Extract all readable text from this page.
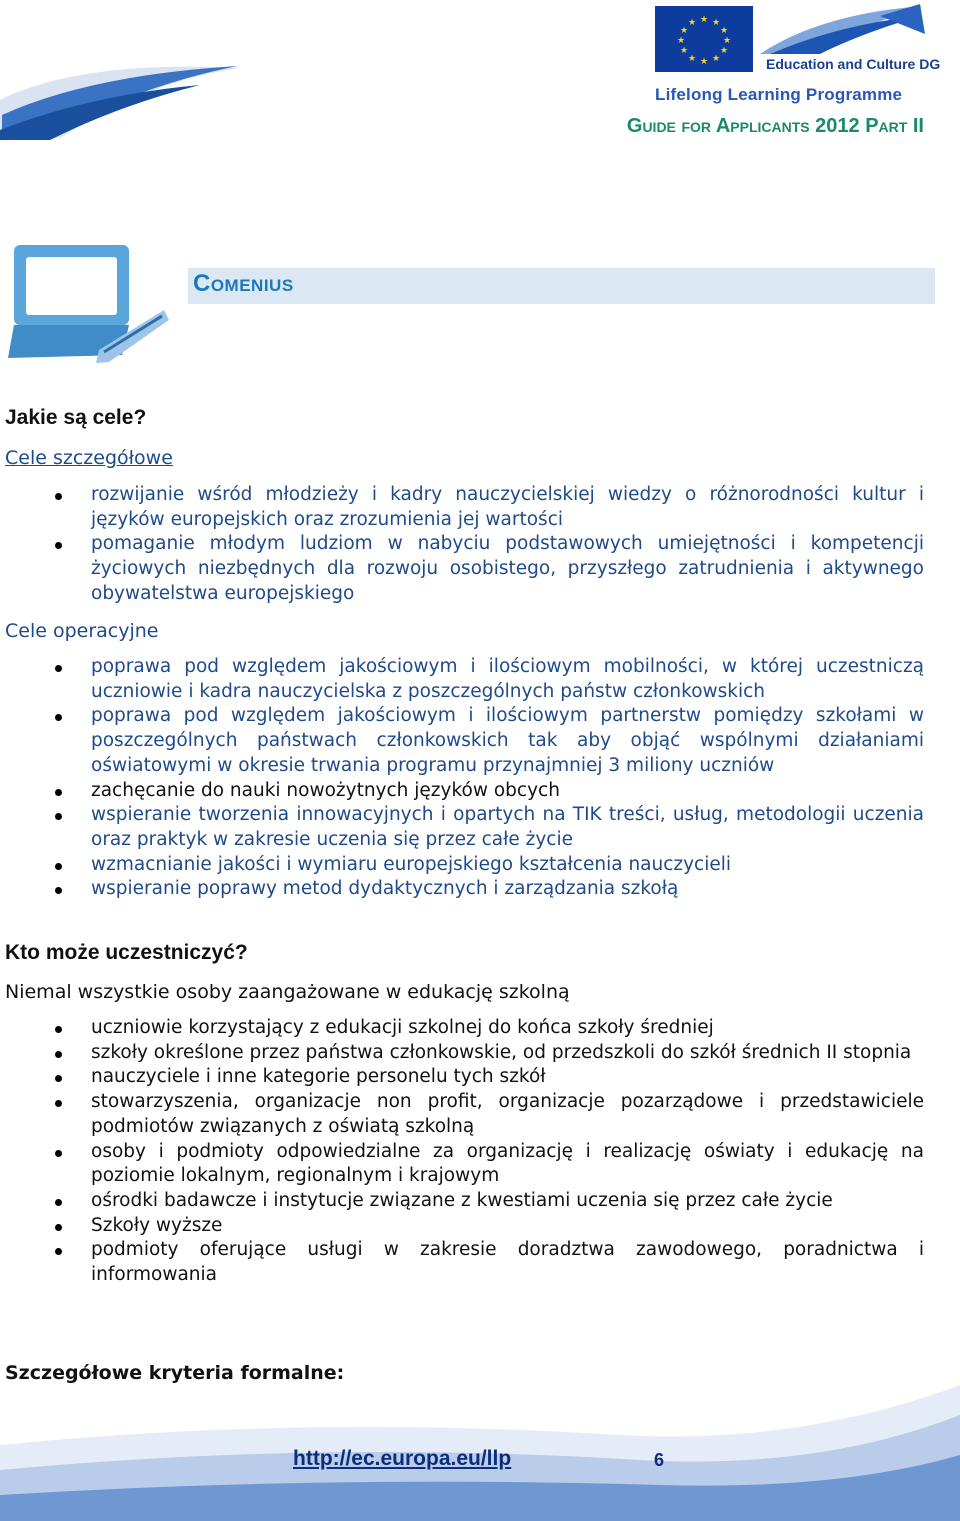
★ ★
★
★
★
★
★
★
★
★
★
★
Education and Culture DG
Lifelong Learning Programme
Guide for Applicants 2012 Part II
Comenius
Jakie są cele?
Cele szczegółowe
rozwijanie wśród młodzieży i kadry nauczycielskiej wiedzy o różnorodności kultur i języków europejskich oraz zrozumienia jej wartości
pomaganie młodym ludziom w nabyciu podstawowych umiejętności i kompetencji życiowych niezbędnych dla rozwoju osobistego, przyszłego zatrudnienia i aktywnego obywatelstwa europejskiego
Cele operacyjne
poprawa pod względem jakościowym i ilościowym mobilności, w której uczestniczą uczniowie i kadra nauczycielska z poszczególnych państw członkowskich
poprawa pod względem jakościowym i ilościowym partnerstw pomiędzy szkołami w poszczególnych państwach członkowskich tak aby objąć wspólnymi działaniami oświatowymi w okresie trwania programu przynajmniej 3 miliony uczniów
zachęcanie do nauki nowożytnych języków obcych
wspieranie tworzenia innowacyjnych i opartych na TIK treści, usług, metodologii uczenia oraz praktyk w zakresie uczenia się przez całe życie
wzmacnianie jakości i wymiaru europejskiego kształcenia nauczycieli
wspieranie poprawy metod dydaktycznych i zarządzania szkołą
Kto może uczestniczyć?
Niemal wszystkie osoby zaangażowane w edukację szkolną
uczniowie korzystający z edukacji szkolnej do końca szkoły średniej
szkoły określone przez państwa członkowskie, od przedszkoli do szkół średnich II stopnia
nauczyciele i inne kategorie personelu tych szkół
stowarzyszenia, organizacje non profit, organizacje pozarządowe i przedstawiciele podmiotów związanych z oświatą szkolną
osoby i podmioty odpowiedzialne za organizację i realizację oświaty i edukację na poziomie lokalnym, regionalnym i krajowym
ośrodki badawcze i instytucje związane z kwestiami uczenia się przez całe życie
Szkoły wyższe
podmioty oferujące usługi w zakresie doradztwa zawodowego, poradnictwa i informowania
Szczegółowe kryteria formalne:
http://ec.europa.eu/llp	6
